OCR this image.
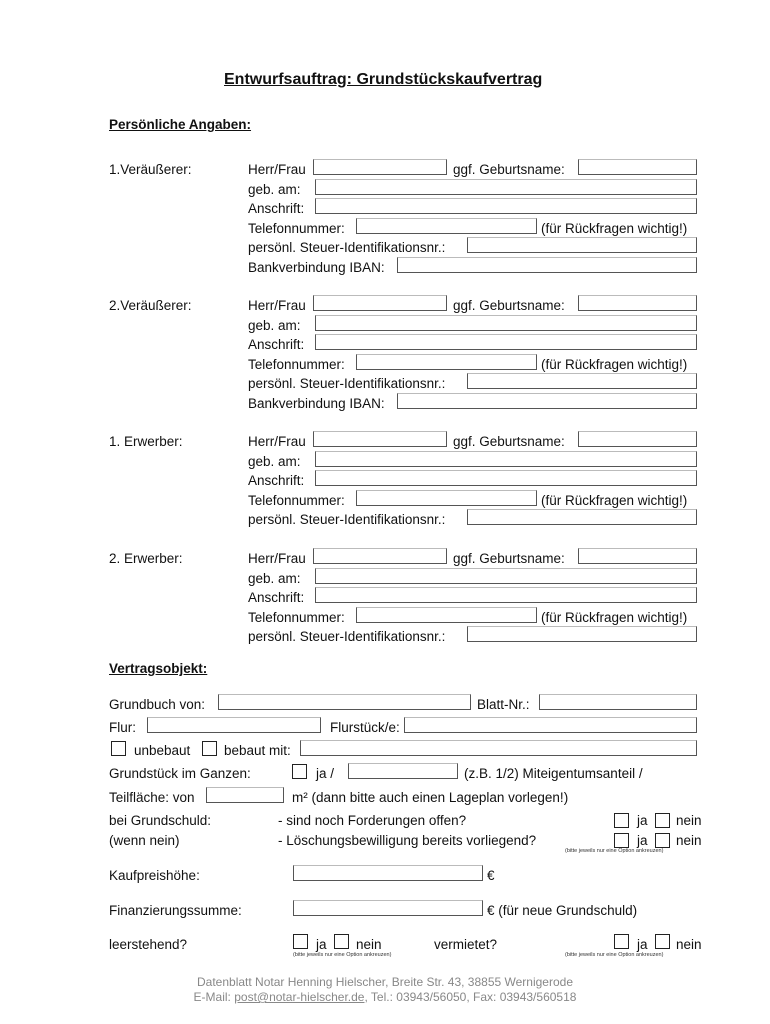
Entwurfsauftrag: Grundstückskaufvertrag
Persönliche Angaben:
1.Veräußerer:	Herr/Frau	ggf. Geburtsname:
geb. am:
Anschrift:
Telefonnummer:	(für Rückfragen wichtig!)
persönl. Steuer-Identifikationsnr.:
Bankverbindung IBAN:
2.Veräußerer:	Herr/Frau	ggf. Geburtsname:
geb. am:
Anschrift:
Telefonnummer:	(für Rückfragen wichtig!)
persönl. Steuer-Identifikationsnr.:
Bankverbindung IBAN:
1. Erwerber:	Herr/Frau	ggf. Geburtsname:
geb. am:
Anschrift:
Telefonnummer:	(für Rückfragen wichtig!)
persönl. Steuer-Identifikationsnr.:
2. Erwerber:	Herr/Frau	ggf. Geburtsname:
geb. am:
Anschrift:
Telefonnummer:	(für Rückfragen wichtig!)
persönl. Steuer-Identifikationsnr.:
Vertragsobjekt:
Grundbuch von:	Blatt-Nr.:
Flur:	Flurstück/e:
unbebaut bebaut mit:
Grundstück im Ganzen:	ja /	(z.B. 1/2) Miteigentumsanteil /
Teilfläche: von	m² (dann bitte auch einen Lageplan vorlegen!)
bei Grundschuld:	- sind noch Forderungen offen?	ja nein
(wenn nein)	- Löschungsbewilligung bereits vorliegend?	ja nein
(bitte jeweils nur eine Option ankreuzen)
Kaufpreishöhe:	€
Finanzierungssumme:	€ (für neue Grundschuld)
leerstehend?	ja nein
(bitte jeweils nur eine Option ankreuzen)
vermietet?	ja nein
(bitte jeweils nur eine Option ankreuzen)
Datenblatt Notar Henning Hielscher, Breite Str. 43, 38855 Wernigerode
E-Mail: post@notar-hielscher.de, Tel.: 03943/56050, Fax: 03943/560518
